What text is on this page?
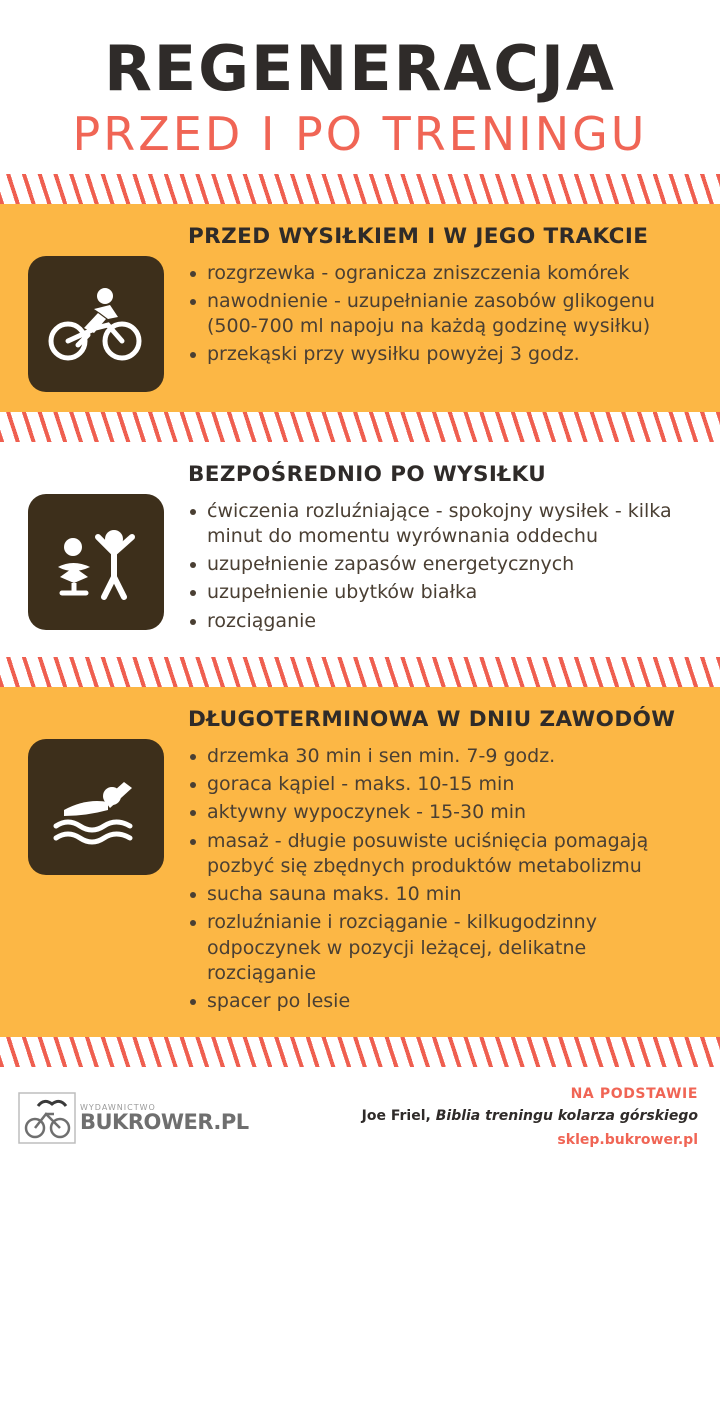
REGENERACJA
PRZED I PO TRENINGU
PRZED WYSIŁKIEM I W JEGO TRAKCIE
rozgrzewka - ogranicza zniszczenia komórek
nawodnienie - uzupełnianie zasobów glikogenu (500-700 ml napoju na każdą godzinę wysiłku)
przekąski przy wysiłku powyżej 3 godz.
BEZPOŚREDNIO PO WYSIŁKU
ćwiczenia rozluźniające - spokojny wysiłek - kilka minut do momentu wyrównania oddechu
uzupełnienie zapasów energetycznych
uzupełnienie ubytków białka
rozciąganie
DŁUGOTERMINOWA W DNIU ZAWODÓW
drzemka 30 min i sen min. 7-9 godz.
goraca kąpiel - maks. 10-15 min
aktywny wypoczynek - 15-30 min
masaż - długie posuwiste uciśnięcia pomagają pozbyć się zbędnych produktów metabolizmu
sucha sauna maks. 10 min
rozluźnianie i rozciąganie - kilkugodzinny odpoczynek w pozycji leżącej, delikatne rozciąganie
spacer po lesie
WYDAWNICTWO
BUKROWER.PL
NA PODSTAWIE
Joe Friel, Biblia treningu kolarza górskiego
sklep.bukrower.pl
